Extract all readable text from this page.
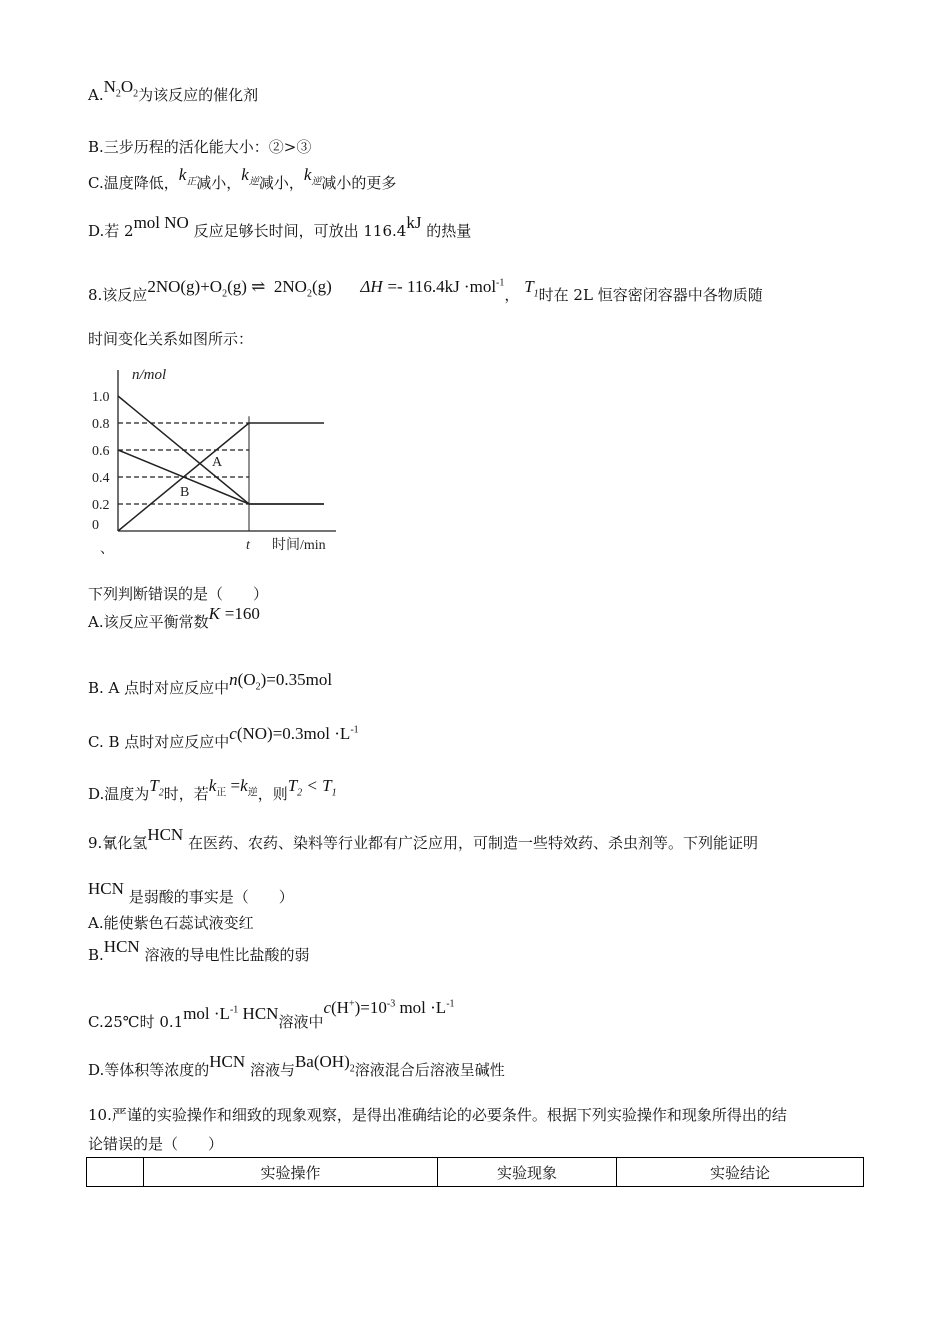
$A.N_2O_2$为该反应的催化剂
B.三步历程的活化能大小：②>③
C.温度降低，$k_正$减小，$k_逆$减小，$k_逆$减小的更多
D.若 2mol NO 反应足够长时间，可放出 116.4kJ 的热量
8.该反应$2NO(g)+O_2(g)$ ⇌ $2NO_2(g) \Delta H =- 116.4kJ \cdot mol^{-1}$， $T_1$时在 2L 恒容密闭容器中各物质随
时间变化关系如图所示：
n/mol
1.0
0.8
0.6
0.4
0.2
0
A
B
t 时间/min
、
下列判断错误的是（　　）
A.该反应平衡常数K =160
B. A 点时对应反应中$n(O_2)=0.35mol$
C. B 点时对应反应中$c(NO)=0.3mol \cdot L^{-1}$
D.温度为$T_2$时，若$k_正 =k_逆$，则$T_2 < T_1$
9.氰化氢HCN 在医药、农药、染料等行业都有广泛应用，可制造一些特效药、杀虫剂等。下列能证明
HCN 是弱酸的事实是（　　）
A.能使紫色石蕊试液变红
B.HCN 溶液的导电性比盐酸的弱
C.25℃时 $0.1mol \cdot L^{-1}$ HCN溶液中$c(H^+)=10^{-3}$ mol $\cdot L^{-1}$
D.等体积等浓度的HCN 溶液与$Ba(OH)_2$溶液混合后溶液呈碱性
10.严谨的实验操作和细致的现象观察，是得出准确结论的必要条件。根据下列实验操作和现象所得出的结
论错误的是（　　）
	实验操作	实验现象	实验结论
